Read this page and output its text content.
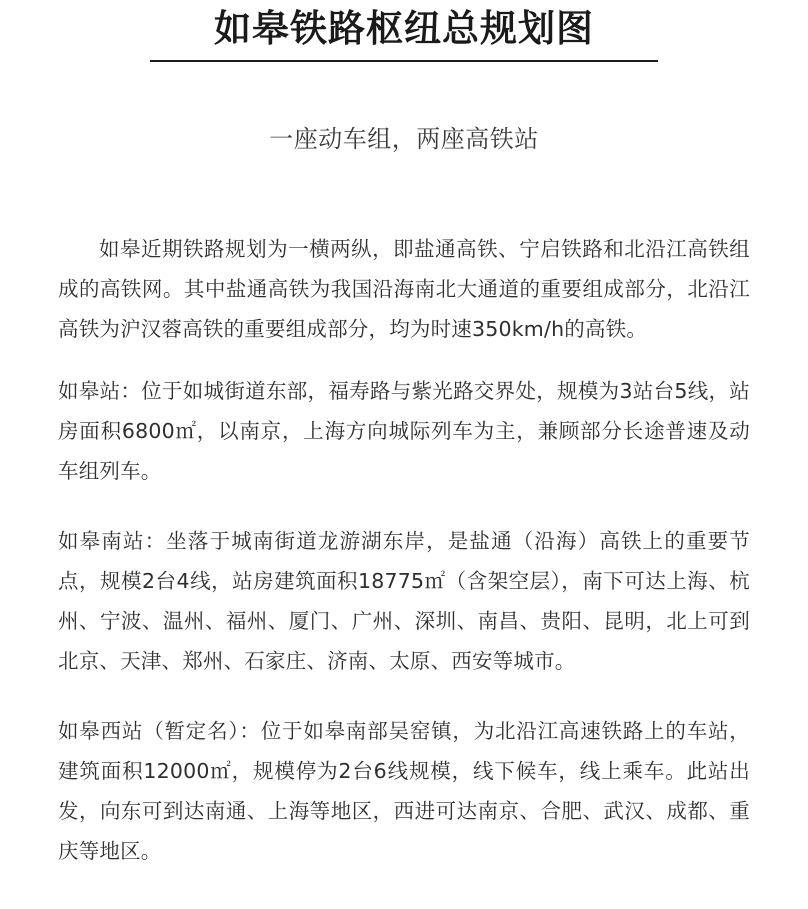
如皋铁路枢纽总规划图
一座动车组，两座高铁站

如皋近期铁路规划为一横两纵，即盐通高铁、宁启铁路和北沿江高铁组成的高铁网。其中盐通高铁为我国沿海南北大通道的重要组成部分，北沿江高铁为沪汉蓉高铁的重要组成部分，均为时速350km/h的高铁。

如皋站：位于如城街道东部，福寿路与紫光路交界处，规模为3站台5线，站房面积6800㎡，以南京，上海方向城际列车为主，兼顾部分长途普速及动车组列车。

如皋南站：坐落于城南街道龙游湖东岸，是盐通（沿海）高铁上的重要节点，规模2台4线，站房建筑面积18775㎡（含架空层），南下可达上海、杭州、宁波、温州、福州、厦门、广州、深圳、南昌、贵阳、昆明，北上可到北京、天津、郑州、石家庄、济南、太原、西安等城市。

如皋西站（暂定名）：位于如皋南部吴窑镇，为北沿江高速铁路上的车站，建筑面积12000㎡，规模停为2台6线规模，线下候车，线上乘车。此站出发，向东可到达南通、上海等地区，西进可达南京、合肥、武汉、成都、重庆等地区。
